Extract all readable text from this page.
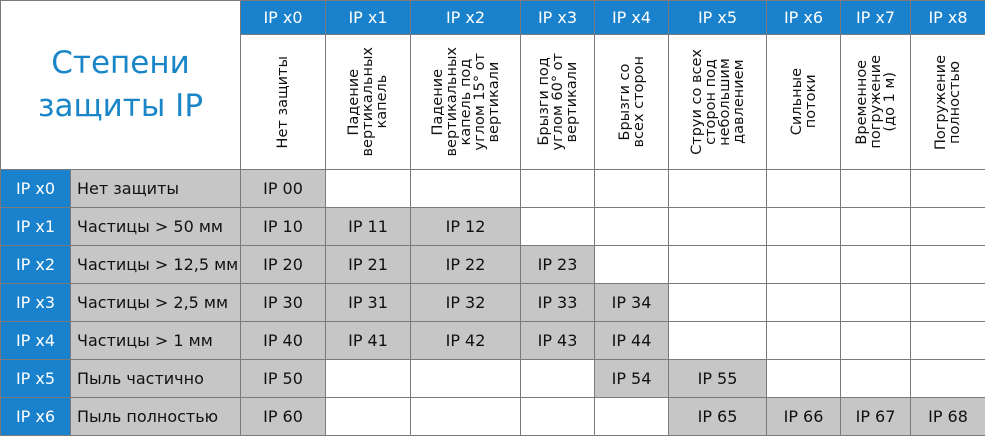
Степени
защиты IP		IP x0	IP x1	IP x2	IP x3	IP x4	IP x5	IP x6	IP x7	IP x8

		Нет защиты	Падение
вертикальных
капель	Падение
вертикальных
капель под
углом 15° от
вертикали	Брызги под
углом 60° от
вертикали	Брызги со
всех сторон	Струи со всех
сторон под
небольшим
давлением	Сильные
потоки	Временное
погружение
(до 1 м)	Погружение
полностью

IP x0	Нет защиты	IP 00								
IP x1	Частицы > 50 мм	IP 10	IP 11	IP 12						
IP x2	Частицы > 12,5 мм	IP 20	IP 21	IP 22	IP 23					
IP x3	Частицы > 2,5 мм	IP 30	IP 31	IP 32	IP 33	IP 34				
IP x4	Частицы > 1 мм	IP 40	IP 41	IP 42	IP 43	IP 44				
IP x5	Пыль частично	IP 50				IP 54	IP 55			
IP x6	Пыль полностью	IP 60					IP 65	IP 66	IP 67	IP 68
